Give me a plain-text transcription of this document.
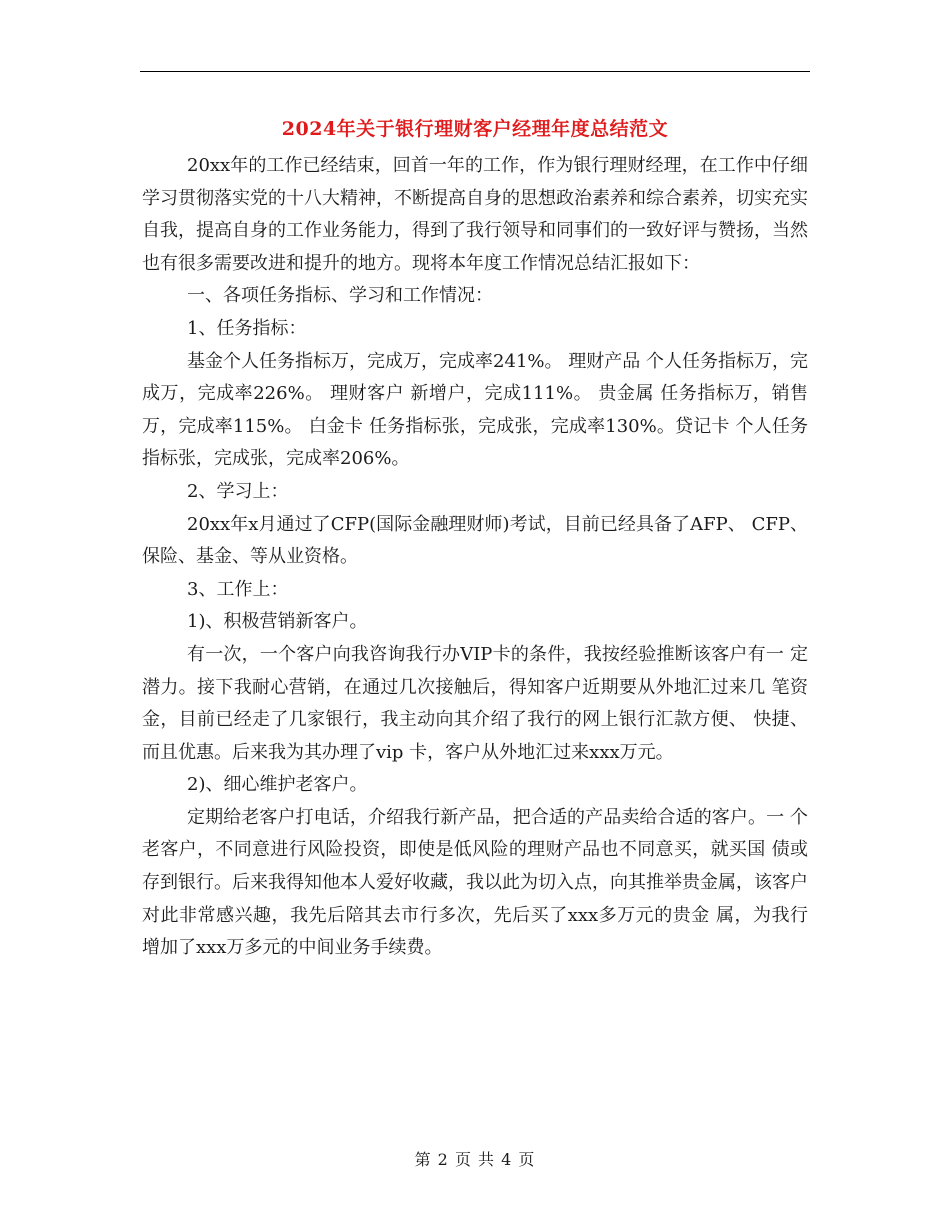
2024年关于银行理财客户经理年度总结范文

20xx年的工作已经结束，回首一年的工作，作为银行理财经理，在工作中仔细学习贯彻落实党的十八大精神，不断提高自身的思想政治素养和综合素养，切实充实自我，提高自身的工作业务能力，得到了我行领导和同事们的一致好评与赞扬，当然也有很多需要改进和提升的地方。现将本年度工作情况总结汇报如下：

一、各项任务指标、学习和工作情况：

1、任务指标：

基金个人任务指标万，完成万，完成率241%。 理财产品 个人任务指标万，完成万，完成率226%。 理财客户 新增户，完成111%。 贵金属 任务指标万，销售万，完成率115%。 白金卡 任务指标张，完成张，完成率130%。贷记卡 个人任务指标张，完成张，完成率206%。

2、学习上：

20xx年x月通过了CFP(国际金融理财师)考试，目前已经具备了AFP、 CFP、保险、基金、等从业资格。

3、工作上：

1)、积极营销新客户。

有一次，一个客户向我咨询我行办VIP卡的条件，我按经验推断该客户有一 定潜力。接下我耐心营销，在通过几次接触后，得知客户近期要从外地汇过来几 笔资金，目前已经走了几家银行，我主动向其介绍了我行的网上银行汇款方便、 快捷、而且优惠。后来我为其办理了vip 卡，客户从外地汇过来xxx万元。

2)、细心维护老客户。

定期给老客户打电话，介绍我行新产品，把合适的产品卖给合适的客户。一 个老客户，不同意进行风险投资，即使是低风险的理财产品也不同意买，就买国 债或存到银行。后来我得知他本人爱好收藏，我以此为切入点，向其推举贵金属，该客户对此非常感兴趣，我先后陪其去市行多次，先后买了xxx多万元的贵金 属，为我行增加了xxx万多元的中间业务手续费。

第 2 页 共 4 页
